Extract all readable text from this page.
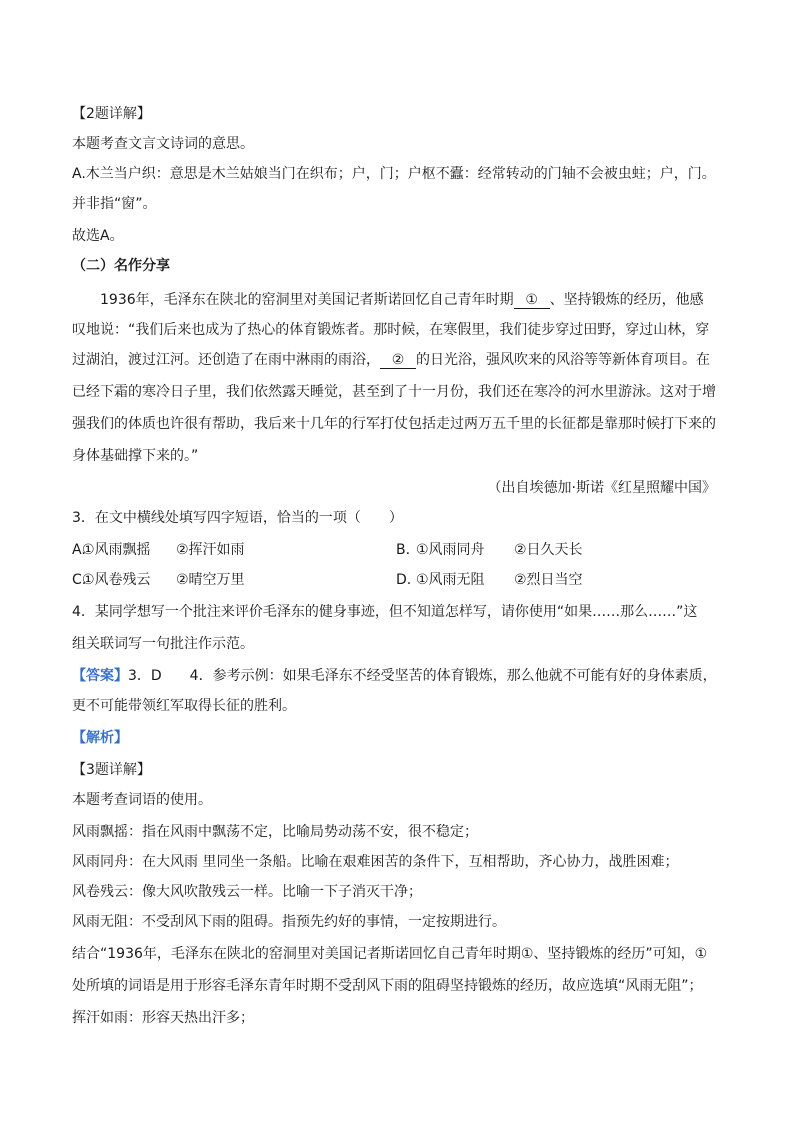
【2题详解】
本题考查文言文诗词的意思。
A.木兰当户织：意思是木兰姑娘当门在织布；户，门；户枢不蠹：经常转动的门轴不会被虫蛀；户，门。
并非指“窗”。
故选A。
（二）名作分享
1936年，毛泽东在陕北的窑洞里对美国记者斯诺回忆自己青年时期 ① 、坚持锻炼的经历，他感
叹地说：“我们后来也成为了热心的体育锻炼者。那时候，在寒假里，我们徒步穿过田野，穿过山林，穿
过湖泊，渡过江河。还创造了在雨中淋雨的雨浴， ② 的日光浴，强风吹来的风浴等等新体育项目。在
已经下霜的寒冷日子里，我们依然露天睡觉，甚至到了十一月份，我们还在寒冷的河水里游泳。这对于增
强我们的体质也许很有帮助，我后来十几年的行军打仗包括走过两万五千里的长征都是靠那时候打下来的
身体基础撑下来的。”
（出自埃德加·斯诺《红星照耀中国》
3．在文中横线处填写四字短语，恰当的一项（　　）
A.
①风雨飘摇 ②挥汗如雨	B. ①风雨同舟 ②日久天长
C.
①风卷残云 ②晴空万里	D. ①风雨无阻 ②烈日当空
4．某同学想写一个批注来评价毛泽东的健身事迹，但不知道怎样写，请你使用“如果……那么……”这
组关联词写一句批注作示范。
【答案】3．D　　4．参考示例：如果毛泽东不经受坚苦的体育锻炼，那么他就不可能有好的身体素质，
更不可能带领红军取得长征的胜利。
【解析】
【3题详解】
本题考查词语的使用。
风雨飘摇：指在风雨中飘荡不定，比喻局势动荡不安，很不稳定；
风雨同舟：在大风雨 里同坐一条船。比喻在艰难困苦的条件下，互相帮助，齐心协力，战胜困难；
风卷残云：像大风吹散残云一样。比喻一下子消灭干净；
风雨无阻：不受刮风下雨的阻碍。指预先约好的事情，一定按期进行。
结合“1936年，毛泽东在陕北的窑洞里对美国记者斯诺回忆自己青年时期①、坚持锻炼的经历”可知，①
处所填的词语是用于形容毛泽东青年时期不受刮风下雨的阻碍坚持锻炼的经历，故应选填“风雨无阻”；
挥汗如雨：形容天热出汗多；
